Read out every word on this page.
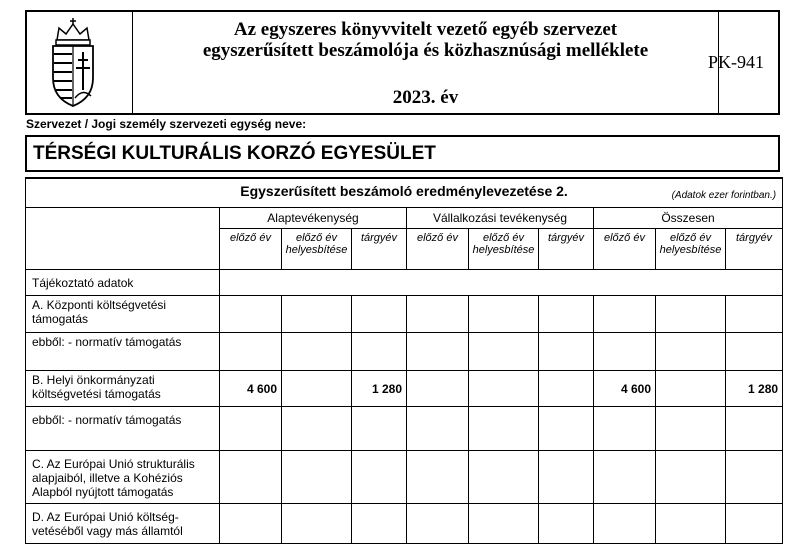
Az egyszeres könyvvitelt vezető egyéb szervezet
egyszerűsített beszámolója és közhasznúsági melléklete
2023. év
PK-941
Szervezet / Jogi személy szervezeti egység neve:
TÉRSÉGI KULTURÁLIS KORZÓ EGYESÜLET
Egyszerűsített beszámoló eredménylevezetése 2. (Adatok ezer forintban.)									

	Alaptevékenység			Vállalkozási tevékenység			Összesen		
	előző év	előző év helyesbítése	tárgyév	előző év	előző év helyesbítése	tárgyév	előző év	előző év helyesbítése	tárgyév
Tájékoztató adatok									
A. Központi költségvetési támogatás									
ebből: - normatív támogatás									
B. Helyi önkormányzati költségvetési támogatás	4 600		1 280				4 600		1 280
ebből: - normatív támogatás									
C. Az Európai Unió strukturális alapjaiból, illetve a Kohéziós Alapból nyújtott támogatás									
D. Az Európai Unió költség-vetéséből vagy más államtól									
